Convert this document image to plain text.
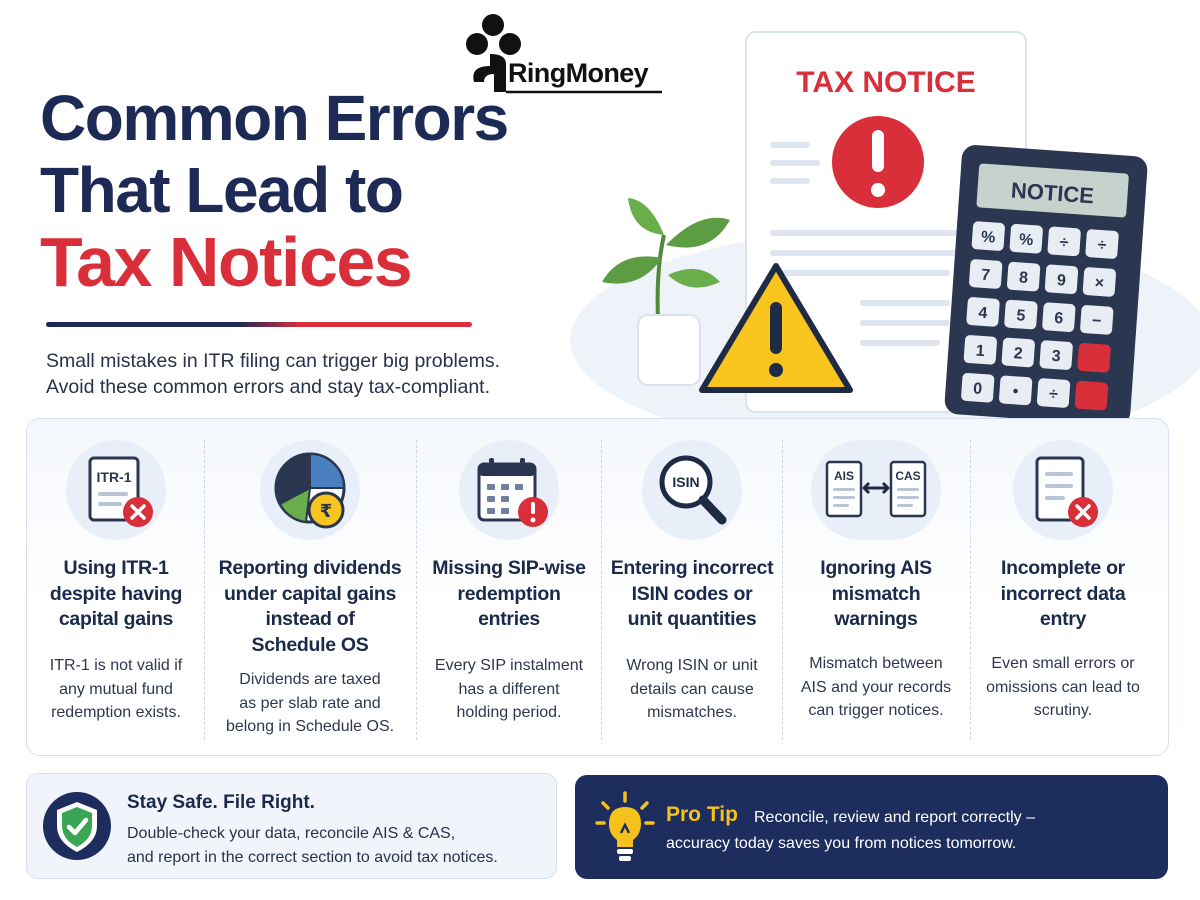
RingMoney
Common Errors
That Lead to
Tax Notices
Small mistakes in ITR filing can trigger big problems.
Avoid these common errors and stay tax-compliant.
TAX NOTICE
NOTICE
% % ÷ ÷
7 8 9 ×
4 5 6 −
1 2 3
0 • ÷
ITR-1
Using ITR-1
despite having
capital gains
ITR-1 is not valid if
any mutual fund
redemption exists.
₹
Reporting dividends
under capital gains
instead of
Schedule OS
Dividends are taxed
as per slab rate and
belong in Schedule OS.
Missing SIP-wise
redemption
entries
Every SIP instalment
has a different
holding period.
ISIN
Entering incorrect
ISIN codes or
unit quantities
Wrong ISIN or unit
details can cause
mismatches.
AIS	CAS
Ignoring AIS
mismatch
warnings
Mismatch between
AIS and your records
can trigger notices.
Incomplete or
incorrect data
entry
Even small errors or
omissions can lead to
scrutiny.
Stay Safe. File Right.
Double-check your data, reconcile AIS & CAS,
and report in the correct section to avoid tax notices.
Pro Tip	Reconcile, review and report correctly –
accuracy today saves you from notices tomorrow.
